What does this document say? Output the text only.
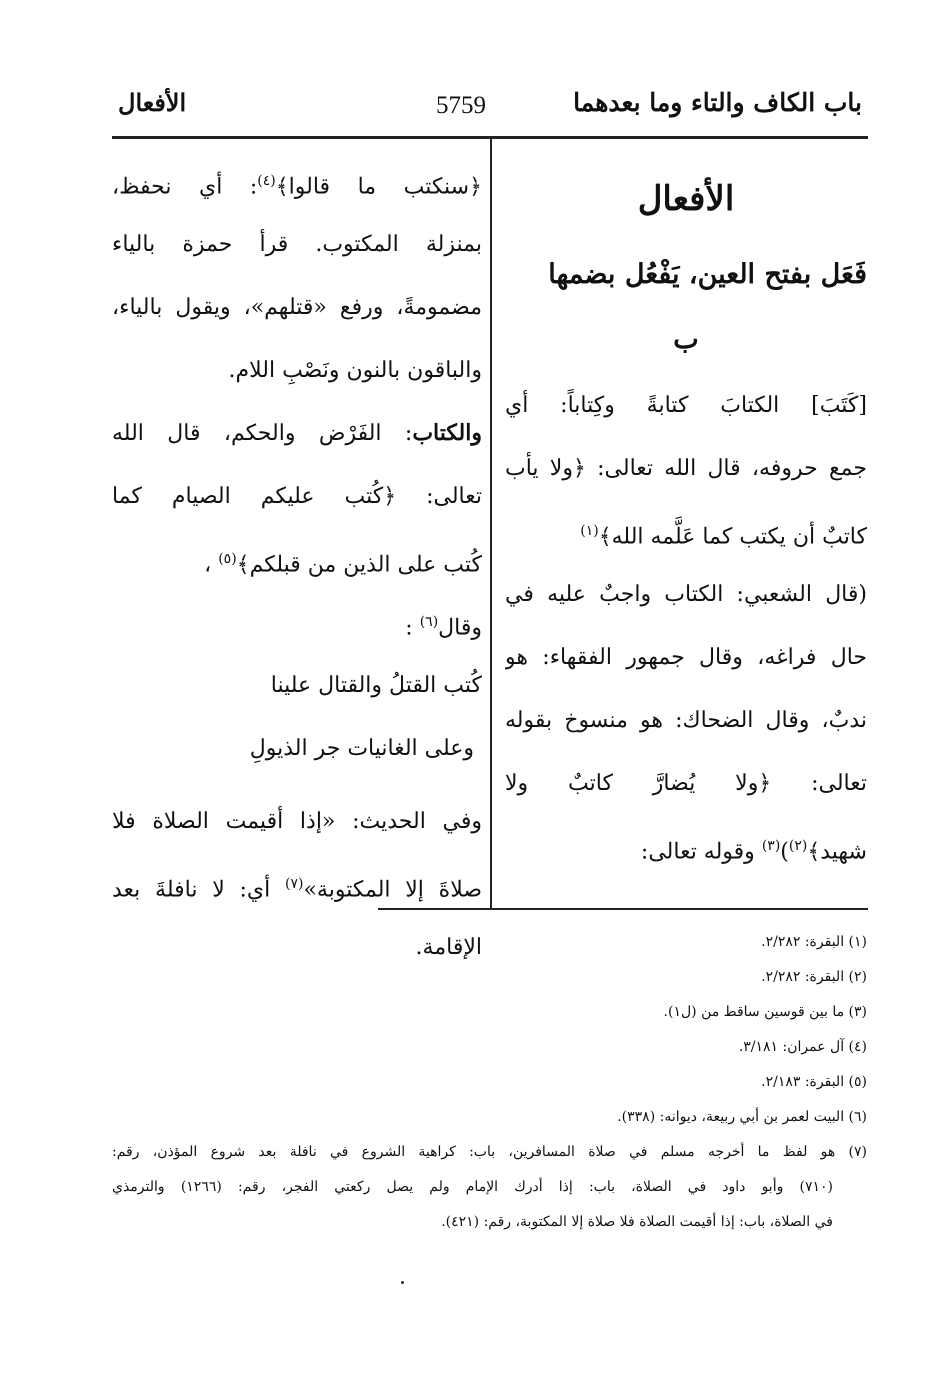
باب الكاف والتاء وما بعدهما
5759
الأفعال
الأفعال
فَعَل بفتح العين، يَفْعُل بضمها
ب
[كَتَبَ] الكتابَ كتابةً وكِتاباً: أي
جمع حروفه، قال الله تعالى: ﴿ولا يأب
كاتبٌ أن يكتب كما عَلَّمه الله﴾$^{(١)}$
(قال الشعبي: الكتاب واجبٌ عليه في
حال فراغه، وقال جمهور الفقهاء: هو
ندبٌ، وقال الضحاك: هو منسوخ بقوله
تعالى: ﴿ولا يُضارَّ كاتبٌ ولا
شهيد﴾$^{(٢)}$)$^{(٣)}$ وقوله تعالى:
﴿سنكتب ما قالوا﴾$^{(٤)}$: أي نحفظ،
بمنزلة المكتوب. قرأ حمزة بالياء
مضمومةً، ورفع «قتلهم»، ويقول بالياء،
والباقون بالنون ونَصْبِ اللام.
والكتاب: الفَرْض والحكم، قال الله
تعالى: ﴿كُتب عليكم الصيام كما
كُتب على الذين من قبلكم﴾$^{(٥)}$ ،
وقال$^{(٦)}$ :
كُتب القتلُ والقتال علينا
وعلى الغانيات جر الذيولِ
وفي الحديث: «إذا أقيمت الصلاة فلا
صلاةَ إلا المكتوبة»$^{(٧)}$ أي: لا نافلةَ بعد
الإقامة.	(١) البقرة: ٢/٢٨٢.
(٢) البقرة: ٢/٢٨٢.
(٣) ما بين قوسين ساقط من (ل١).
(٤) آل عمران: ٣/١٨١.
(٥) البقرة: ٢/١٨٣.
(٦) البيت لعمر بن أبي ربيعة، ديوانه: (٣٣٨).
(٧) هو لفظ ما أخرجه مسلم في صلاة المسافرين، باب: كراهية الشروع في نافلة بعد شروع المؤذن، رقم:
(٧١٠) وأبو داود في الصلاة، باب: إذا أدرك الإمام ولم يصل ركعتي الفجر، رقم: (١٢٦٦) والترمذي
في الصلاة، باب: إذا أقيمت الصلاة فلا صلاة إلا المكتوبة، رقم: (٤٢١).
